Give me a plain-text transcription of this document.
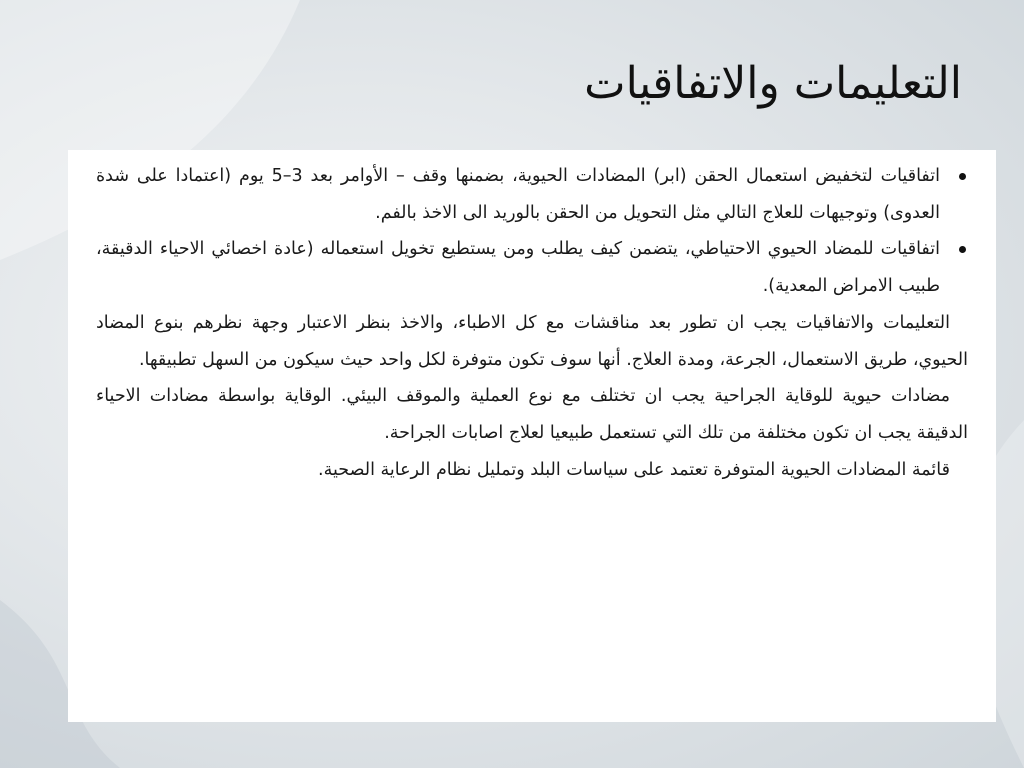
التعليمات والاتفاقيات

اتفاقيات لتخفيض استعمال الحقن (ابر) المضادات الحيوية، بضمنها وقف – الأوامر بعد 3–5 يوم (اعتمادا على شدة العدوى) وتوجيهات للعلاج التالي مثل التحويل من الحقن بالوريد الى الاخذ بالفم.

اتفاقيات للمضاد الحيوي الاحتياطي، يتضمن كيف يطلب ومن يستطيع تخويل استعماله (عادة اخصائي الاحياء الدقيقة، طبيب الامراض المعدية).

التعليمات والاتفاقيات يجب ان تطور بعد مناقشات مع كل الاطباء، والاخذ بنظر الاعتبار وجهة نظرهم بنوع المضاد الحيوي، طريق الاستعمال، الجرعة، ومدة العلاج. أنها سوف تكون متوفرة لكل واحد حيث سيكون من السهل تطبيقها.

مضادات حيوية للوقاية الجراحية يجب ان تختلف مع نوع العملية والموقف البيئي. الوقاية بواسطة مضادات الاحياء الدقيقة يجب ان تكون مختلفة من تلك التي تستعمل طبيعيا لعلاج اصابات الجراحة.

قائمة المضادات الحيوية المتوفرة تعتمد على سياسات البلد وتمليل نظام الرعاية الصحية.
